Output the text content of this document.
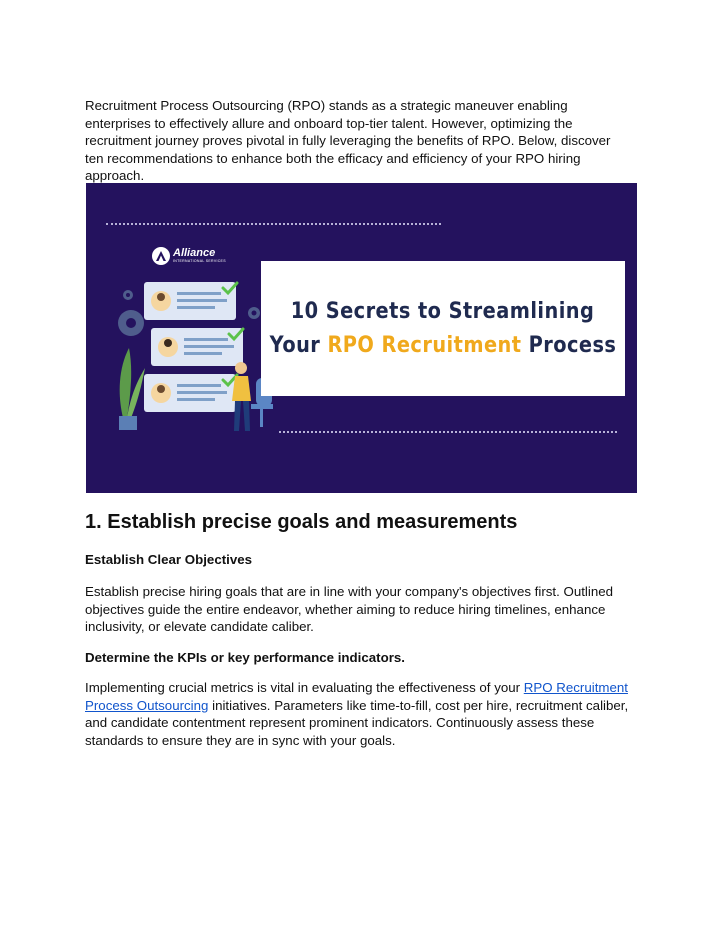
Recruitment Process Outsourcing (RPO) stands as a strategic maneuver enabling enterprises to effectively allure and onboard top-tier talent. However, optimizing the recruitment journey proves pivotal in fully leveraging the benefits of RPO. Below, discover ten recommendations to enhance both the efficacy and efficiency of your RPO hiring approach.

Alliance
INTERNATIONAL SERVICES
10 Secrets to Streamlining
Your RPO Recruitment Process
1. Establish precise goals and measurements

Establish Clear Objectives

Establish precise hiring goals that are in line with your company's objectives first. Outlined objectives guide the entire endeavor, whether aiming to reduce hiring timelines, enhance inclusivity, or elevate candidate caliber.

Determine the KPIs or key performance indicators.

Implementing crucial metrics is vital in evaluating the effectiveness of your RPO Recruitment Process Outsourcing initiatives. Parameters like time-to-fill, cost per hire, recruitment caliber, and candidate contentment represent prominent indicators. Continuously assess these standards to ensure they are in sync with your goals.
